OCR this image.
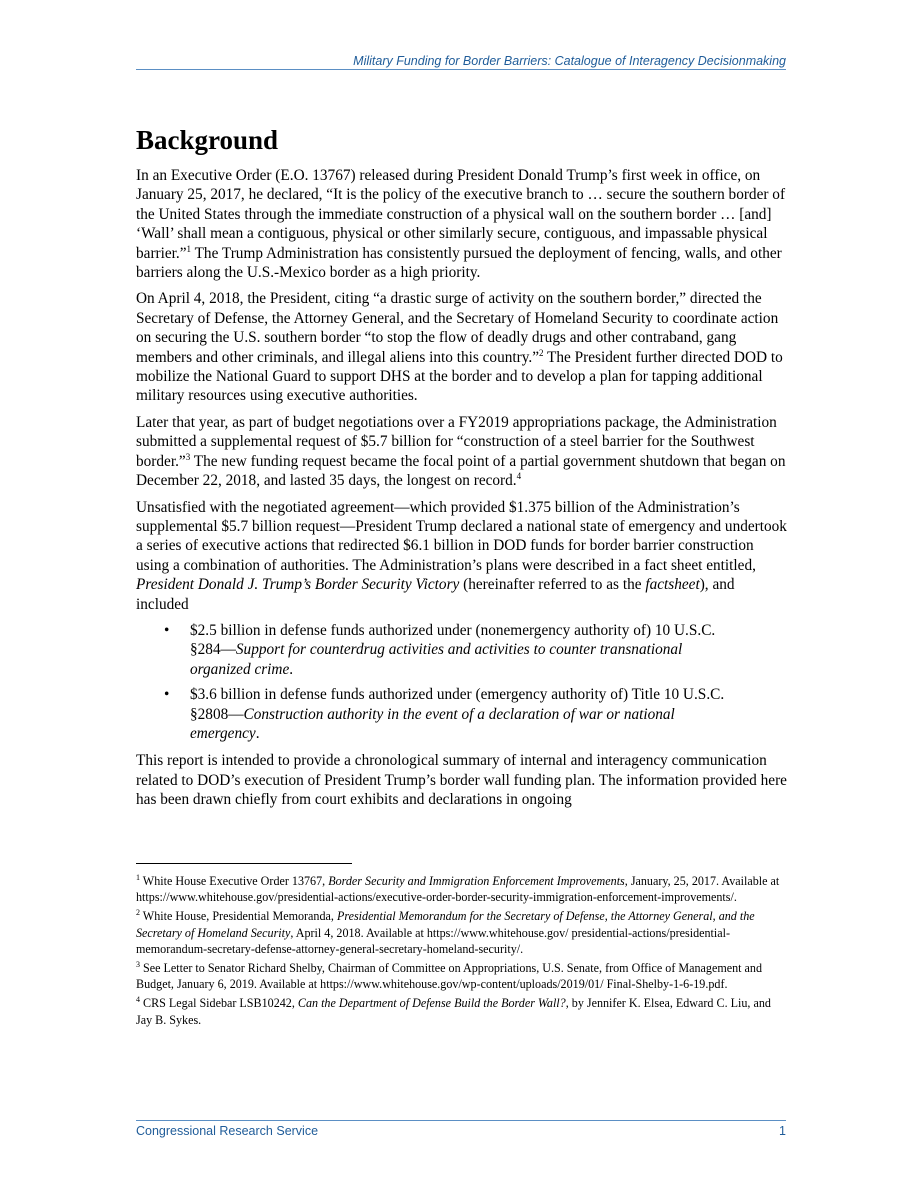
Military Funding for Border Barriers: Catalogue of Interagency Decisionmaking
Background

In an Executive Order (E.O. 13767) released during President Donald Trump’s first week in office, on January 25, 2017, he declared, “It is the policy of the executive branch to … secure the southern border of the United States through the immediate construction of a physical wall on the southern border … [and] ‘Wall’ shall mean a contiguous, physical or other similarly secure, contiguous, and impassable physical barrier.”$^1$ The Trump Administration has consistently pursued the deployment of fencing, walls, and other barriers along the U.S.-Mexico border as a high priority.

On April 4, 2018, the President, citing “a drastic surge of activity on the southern border,” directed the Secretary of Defense, the Attorney General, and the Secretary of Homeland Security to coordinate action on securing the U.S. southern border “to stop the flow of deadly drugs and other contraband, gang members and other criminals, and illegal aliens into this country.”$^2$ The President further directed DOD to mobilize the National Guard to support DHS at the border and to develop a plan for tapping additional military resources using executive authorities.

Later that year, as part of budget negotiations over a FY2019 appropriations package, the Administration submitted a supplemental request of $5.7 billion for “construction of a steel barrier for the Southwest border.”$^3$ The new funding request became the focal point of a partial government shutdown that began on December 22, 2018, and lasted 35 days, the longest on record.$^4$

Unsatisfied with the negotiated agreement—which provided $1.375 billion of the Administration’s supplemental $5.7 billion request—President Trump declared a national state of emergency and undertook a series of executive actions that redirected $6.1 billion in DOD funds for border barrier construction using a combination of authorities. The Administration’s plans were described in a fact sheet entitled, President Donald J. Trump’s Border Security Victory (hereinafter referred to as the factsheet), and included

• $2.5 billion in defense funds authorized under (nonemergency authority of) 10 U.S.C. §284—Support for counterdrug activities and activities to counter transnational organized crime.
• $3.6 billion in defense funds authorized under (emergency authority of) Title 10 U.S.C. §2808—Construction authority in the event of a declaration of war or national emergency.

This report is intended to provide a chronological summary of internal and interagency communication related to DOD’s execution of President Trump’s border wall funding plan. The information provided here has been drawn chiefly from court exhibits and declarations in ongoing

$^1$ White House Executive Order 13767, Border Security and Immigration Enforcement Improvements, January, 25, 2017. Available at https://www.whitehouse.gov/presidential-actions/executive-order-border-security-immigration-enforcement-improvements/.

$^2$ White House, Presidential Memoranda, Presidential Memorandum for the Secretary of Defense, the Attorney General, and the Secretary of Homeland Security, April 4, 2018. Available at https://www.whitehouse.gov/ presidential-actions/presidential-memorandum-secretary-defense-attorney-general-secretary-homeland-security/.

$^3$ See Letter to Senator Richard Shelby, Chairman of Committee on Appropriations, U.S. Senate, from Office of Management and Budget, January 6, 2019. Available at https://www.whitehouse.gov/wp-content/uploads/2019/01/ Final-Shelby-1-6-19.pdf.

$^4$ CRS Legal Sidebar LSB10242, Can the Department of Defense Build the Border Wall?, by Jennifer K. Elsea, Edward C. Liu, and Jay B. Sykes.

Congressional Research Service	1
